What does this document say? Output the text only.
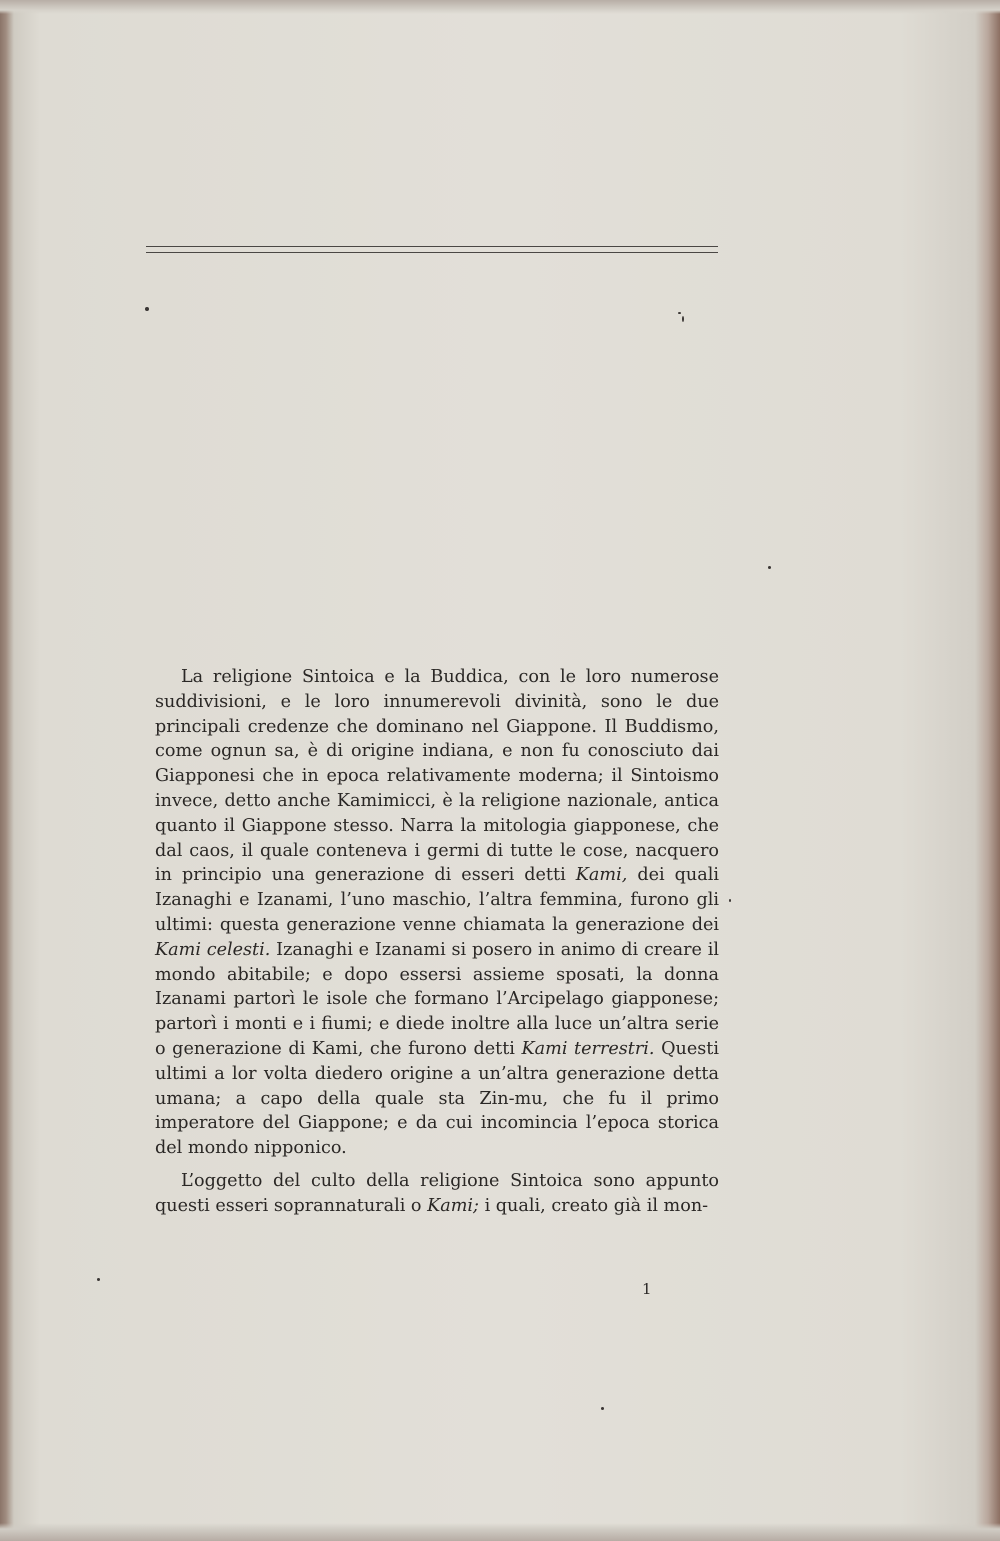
La religione Sintoica e la Buddica, con le loro numerose suddivisioni, e le loro innumerevoli divinità, sono le due principali credenze che dominano nel Giappone. Il Buddismo, come ognun sa, è di origine indiana, e non fu conosciuto dai Giapponesi che in epoca relativamente moderna; il Sintoismo invece, detto anche Kamimicci, è la religione nazionale, antica quanto il Giappone stesso. Narra la mitologia giapponese, che dal caos, il quale conteneva i germi di tutte le cose, nacquero in principio una generazione di esseri detti Kami, dei quali Izanaghi e Izanami, l’uno maschio, l’altra femmina, furono gli ultimi: questa generazione venne chiamata la generazione dei Kami celesti. Izanaghi e Izanami si posero in animo di creare il mondo abitabile; e dopo essersi assieme sposati, la donna Izanami partorì le isole che formano l’Arcipelago giapponese; partorì i monti e i fiumi; e diede inoltre alla luce un’altra serie o generazione di Kami, che furono detti Kami terrestri. Questi ultimi a lor volta diedero origine a un’altra generazione detta umana; a capo della quale sta Zin-mu, che fu il primo imperatore del Giappone; e da cui incomincia l’epoca storica del mondo nipponico.

L’oggetto del culto della religione Sintoica sono appunto questi esseri soprannaturali o Kami; i quali, creato già il mon-

1
